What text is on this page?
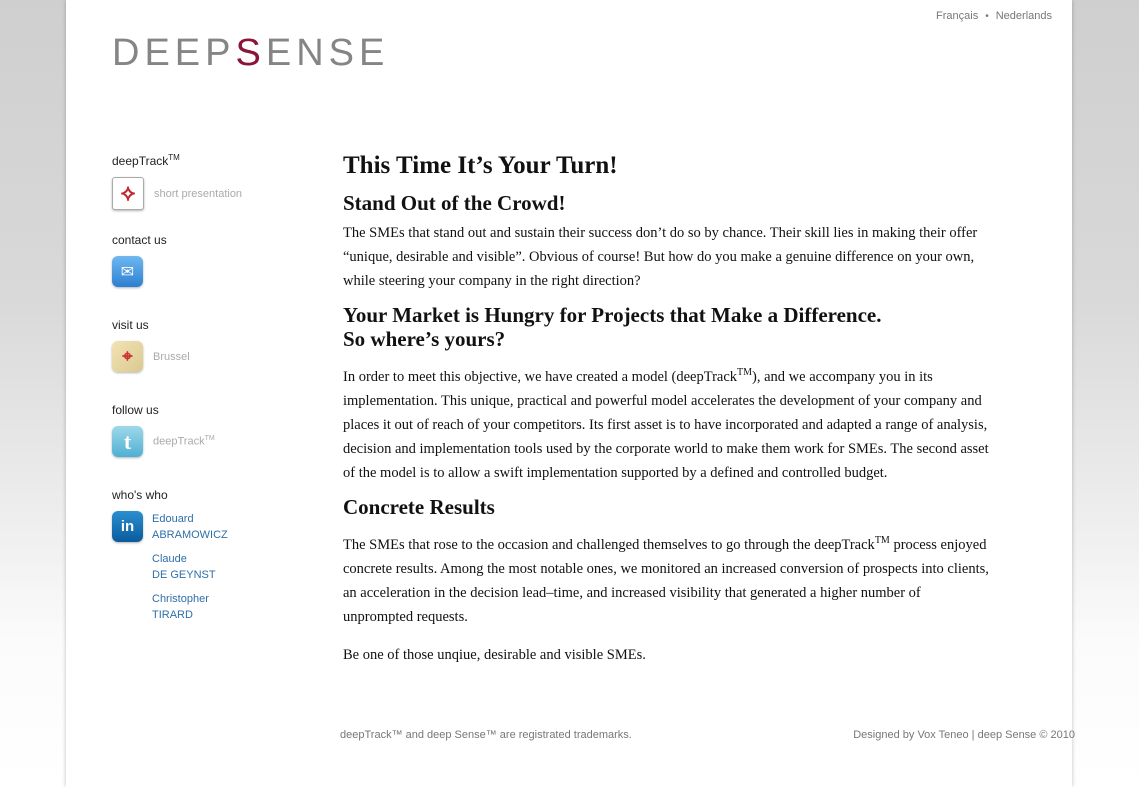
Français • Nederlands
DEEPSENSE

deepTrack™

⟡	short presentation

contact us

✉

visit us

⌖	Brussel

follow us

t	deepTrack™

who's who

in	Edouard
ABRAMOWICZ
Claude
DE GEYNST
Christopher
TIRARD
This Time It’s Your Turn!
Stand Out of the Crowd!

The SMEs that stand out and sustain their success don’t do so by chance. Their skill lies in making their offer “unique, desirable and visible”. Obvious of course! But how do you make a genuine difference on your own, while steering your company in the right direction?

Your Market is Hungry for Projects that Make a Difference.
So where’s yours?

In order to meet this objective, we have created a model (deepTrack™), and we accompany you in its implementation. This unique, practical and powerful model accelerates the development of your company and places it out of reach of your competitors. Its first asset is to have incorporated and adapted a range of analysis, decision and implementation tools used by the corporate world to make them work for SMEs. The second asset of the model is to allow a swift implementation supported by a defined and controlled budget.

Concrete Results

The SMEs that rose to the occasion and challenged themselves to go through the deepTrack™ process enjoyed concrete results. Among the most notable ones, we monitored an increased conversion of prospects into clients, an acceleration in the decision lead–time, and increased visibility that generated a higher number of unprompted requests.

Be one of those unqiue, desirable and visible SMEs.

deepTrack™ and deep Sense™ are registrated trademarks.	Designed by Vox Teneo | deep Sense © 2010
